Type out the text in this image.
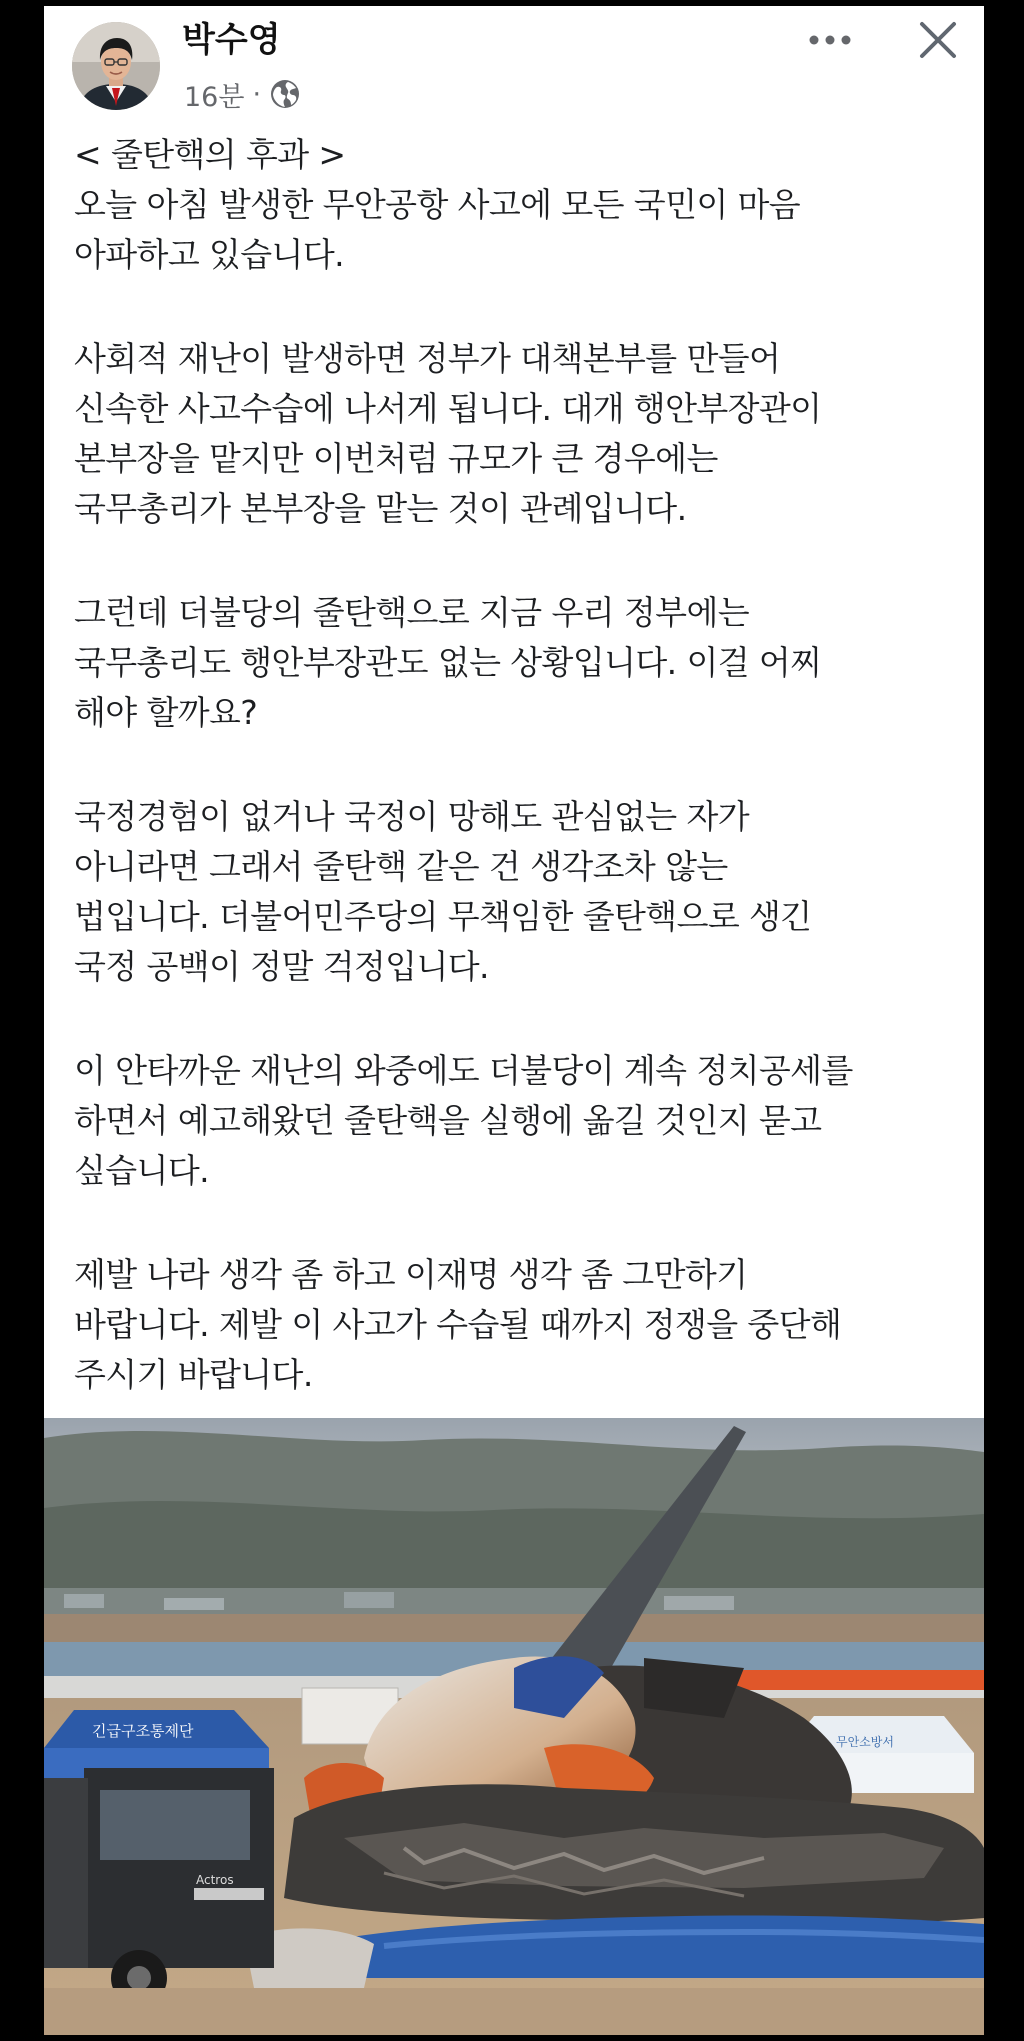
박수영
16분 ·
< 줄탄핵의 후과 >
오늘 아침 발생한 무안공항 사고에 모든 국민이 마음
아파하고 있습니다.
사회적 재난이 발생하면 정부가 대책본부를 만들어
신속한 사고수습에 나서게 됩니다. 대개 행안부장관이
본부장을 맡지만 이번처럼 규모가 큰 경우에는
국무총리가 본부장을 맡는 것이 관례입니다.
그런데 더불당의 줄탄핵으로 지금 우리 정부에는
국무총리도 행안부장관도 없는 상황입니다. 이걸 어찌
해야 할까요?
국정경험이 없거나 국정이 망해도 관심없는 자가
아니라면 그래서 줄탄핵 같은 건 생각조차 않는
법입니다. 더불어민주당의 무책임한 줄탄핵으로 생긴
국정 공백이 정말 걱정입니다.
이 안타까운 재난의 와중에도 더불당이 계속 정치공세를
하면서 예고해왔던 줄탄핵을 실행에 옮길 것인지 묻고
싶습니다.
제발 나라 생각 좀 하고 이재명 생각 좀 그만하기
바랍니다. 제발 이 사고가 수습될 때까지 정쟁을 중단해
주시기 바랍니다.
긴급구조통제단
무안소방서
Actros
